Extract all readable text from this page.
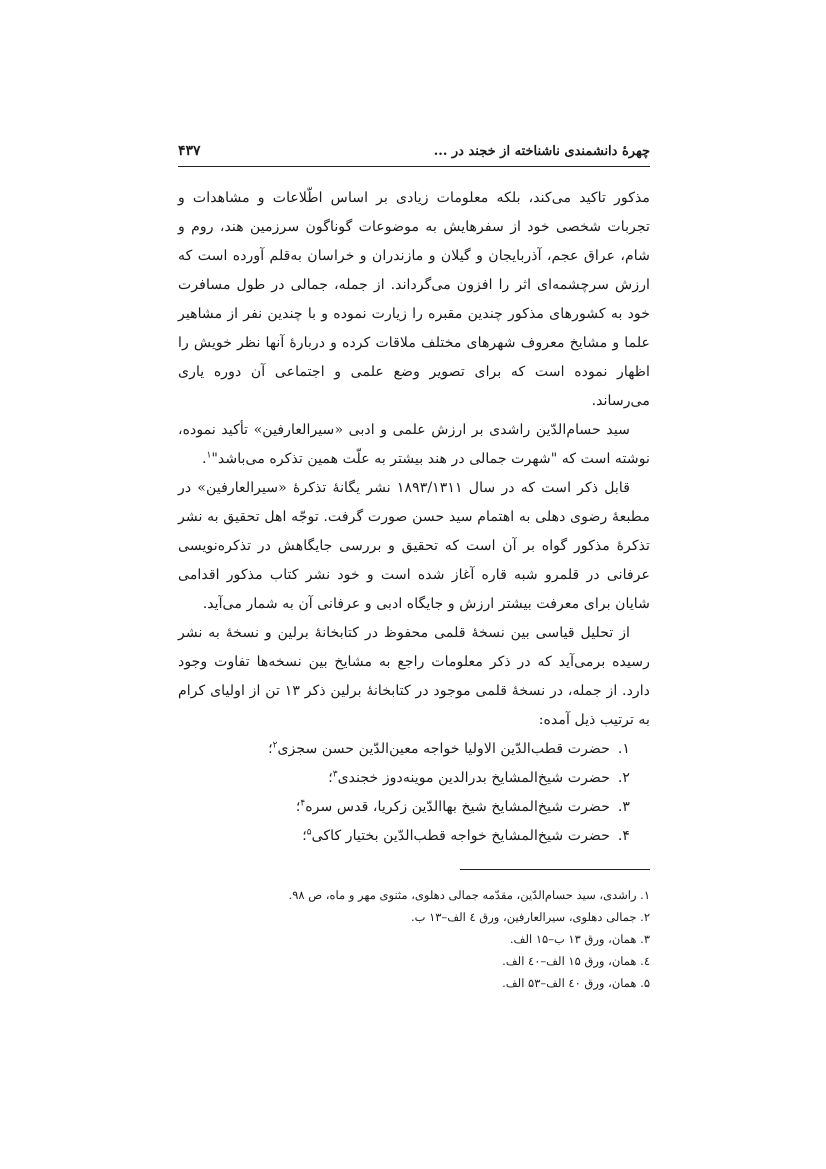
چهرهٔ دانشمندی ناشناخته از خجند در ...
۴۳۷

مذکور تاکید می‌کند، بلکه معلومات زیادی بر اساس اطّلاعات و مشاهدات و تجربات شخصی خود از سفرهایش به موضوعات گوناگون سرزمین هند، روم و شام، عراق عجم، آذربایجان و گیلان و مازندران و خراسان به‌قلم آورده است که ارزش سرچشمه‌ای اثر را افزون می‌گرداند. از جمله، جمالی در طول مسافرت خود به کشورهای مذکور چندین مقبره را زیارت نموده و با چندین نفر از مشاهیر علما و مشایخ معروف شهرهای مختلف ملاقات کرده و دربارهٔ آنها نظر خویش را اظهار نموده است که برای تصویر وضع علمی و اجتماعی آن دوره یاری می‌رساند.

سید حسام‌الدّین راشدی بر ارزش علمی و ادبی «سیرالعارفین» تأکید نموده، نوشته است که "شهرت جمالی در هند بیشتر به علّت همین تذکره می‌باشد"$^۱$.

قابل ذکر است که در سال ۱۸۹۳/۱۳۱۱ نشر یگانهٔ تذکرهٔ «سیرالعارفین» در مطبعهٔ رضوی دهلی به اهتمام سید حسن صورت گرفت. توجّه اهل تحقیق به نشر تذکرهٔ مذکور گواه بر آن است که تحقیق و بررسی جایگاهش در تذکره‌نویسی عرفانی در قلمرو شبه قاره آغاز شده است و خود نشر کتاب مذکور اقدامی شایان برای معرفت بیشتر ارزش و جایگاه ادبی و عرفانی آن به شمار می‌آید.

از تحلیل قیاسی بین نسخهٔ قلمی محفوظ در کتابخانهٔ برلین و نسخهٔ به نشر رسیده برمی‌آید که در ذکر معلومات راجع به مشایخ بین نسخه‌ها تفاوت وجود دارد. از جمله، در نسخهٔ قلمی موجود در کتابخانهٔ برلین ذکر ۱۳ تن از اولیای کرام به ترتیب ذیل آمده:

۱.حضرت قطب‌الدّین الاولیا خواجه معین‌الدّین حسن سجزی$^۲$؛
۲.حضرت شیخ‌المشایخ بدرالدین موینه‌دوز خجندی$^۳$؛
۳.حضرت شیخ‌المشایخ شیخ بهاالدّین زکریا، قدس سره$^۴$؛
۴.حضرت شیخ‌المشایخ خواجه قطب‌الدّین بختیار کاکی$^۵$؛
۱. راشدی، سید حسام‌الدّین، مقدّمه جمالی دهلوی، مثنوی مهر و ماه، ص ۹۸.
۲. جمالی دهلوی، سیرالعارفین، ورق ٤ الف–۱۳ ب.
۳. همان، ورق ۱۳ ب–۱۵ الف.
٤. همان، ورق ۱۵ الف–٤٠ الف.
۵. همان، ورق ٤٠ الف–۵۳ الف.
